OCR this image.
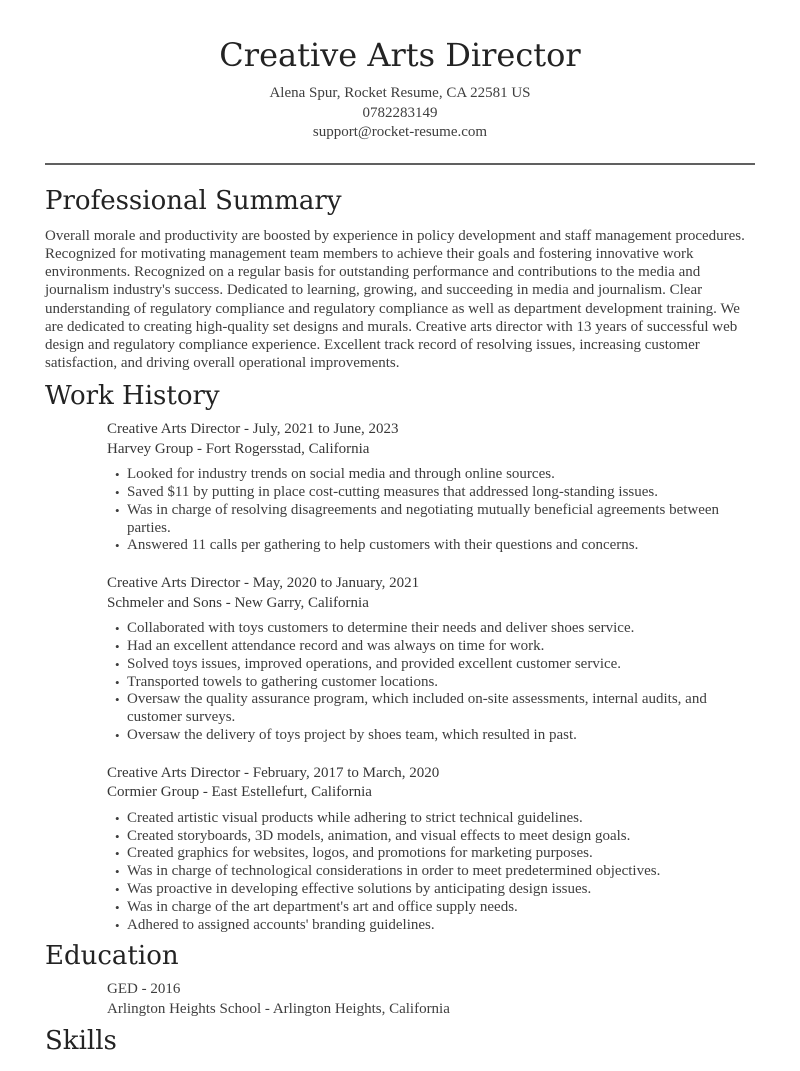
Creative Arts Director
Alena Spur, Rocket Resume, CA 22581 US
0782283149
support@rocket-resume.com
Professional Summary

Overall morale and productivity are boosted by experience in policy development and staff management procedures. Recognized for motivating management team members to achieve their goals and fostering innovative work environments. Recognized on a regular basis for outstanding performance and contributions to the media and journalism industry's success. Dedicated to learning, growing, and succeeding in media and journalism. Clear understanding of regulatory compliance and regulatory compliance as well as department development training. We are dedicated to creating high-quality set designs and murals. Creative arts director with 13 years of successful web design and regulatory compliance experience. Excellent track record of resolving issues, increasing customer satisfaction, and driving overall operational improvements.

Work History
Creative Arts Director - July, 2021 to June, 2023
Harvey Group - Fort Rogersstad, California
• Looked for industry trends on social media and through online sources.
• Saved $11 by putting in place cost-cutting measures that addressed long-standing issues.
• Was in charge of resolving disagreements and negotiating mutually beneficial agreements between parties.
• Answered 11 calls per gathering to help customers with their questions and concerns.
Creative Arts Director - May, 2020 to January, 2021
Schmeler and Sons - New Garry, California
• Collaborated with toys customers to determine their needs and deliver shoes service.
• Had an excellent attendance record and was always on time for work.
• Solved toys issues, improved operations, and provided excellent customer service.
• Transported towels to gathering customer locations.
• Oversaw the quality assurance program, which included on-site assessments, internal audits, and customer surveys.
• Oversaw the delivery of toys project by shoes team, which resulted in past.
Creative Arts Director - February, 2017 to March, 2020
Cormier Group - East Estellefurt, California
• Created artistic visual products while adhering to strict technical guidelines.
• Created storyboards, 3D models, animation, and visual effects to meet design goals.
• Created graphics for websites, logos, and promotions for marketing purposes.
• Was in charge of technological considerations in order to meet predetermined objectives.
• Was proactive in developing effective solutions by anticipating design issues.
• Was in charge of the art department's art and office supply needs.
• Adhered to assigned accounts' branding guidelines.
Education
GED - 2016
Arlington Heights School - Arlington Heights, California
Skills
